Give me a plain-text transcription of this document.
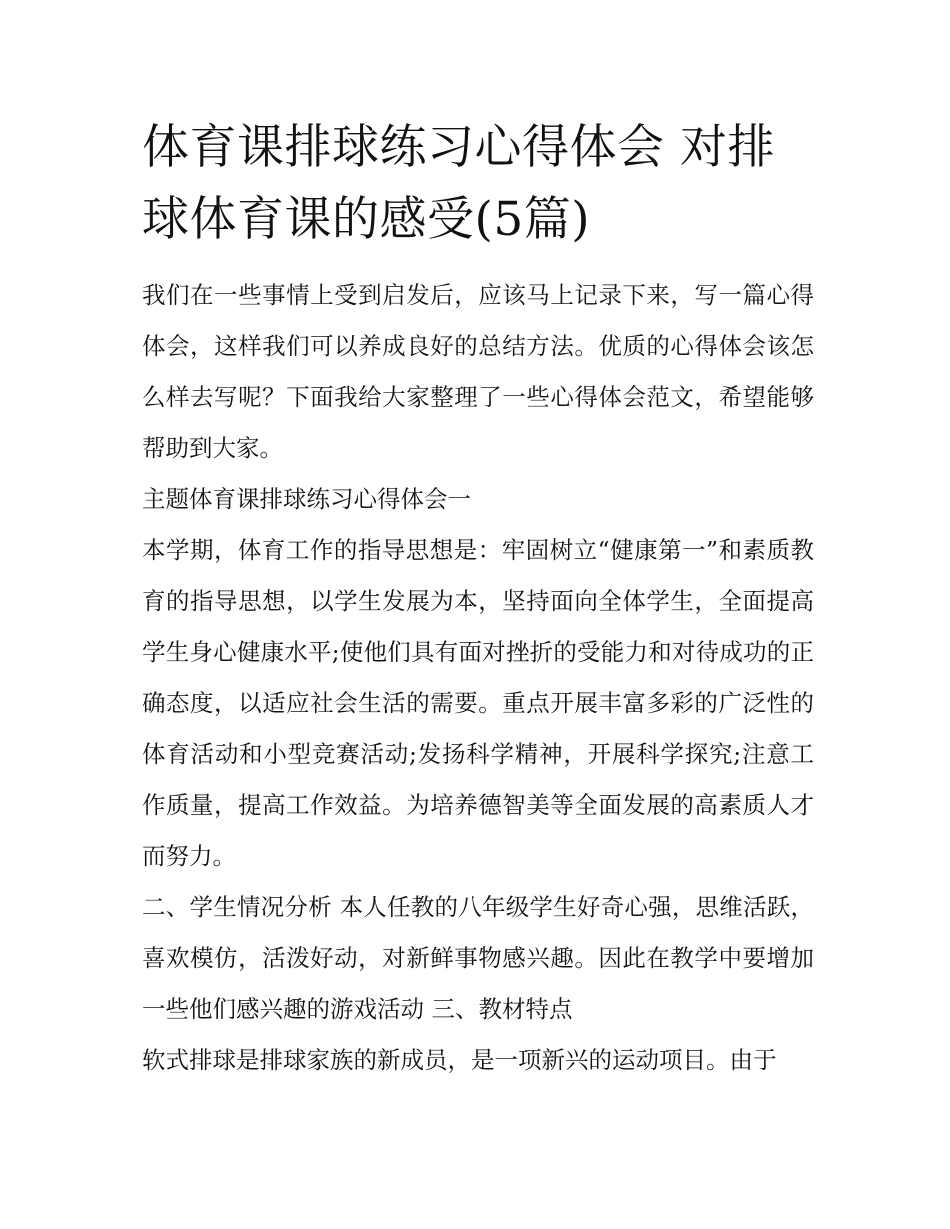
体育课排球练习心得体会 对排球体育课的感受(5篇)

我们在一些事情上受到启发后，应该马上记录下来，写一篇心得体会，这样我们可以养成良好的总结方法。优质的心得体会该怎么样去写呢？下面我给大家整理了一些心得体会范文，希望能够帮助到大家。

主题体育课排球练习心得体会一

本学期，体育工作的指导思想是：牢固树立“健康第一”和素质教育的指导思想，以学生发展为本，坚持面向全体学生，全面提高学生身心健康水平;使他们具有面对挫折的受能力和对待成功的正确态度，以适应社会生活的需要。重点开展丰富多彩的广泛性的体育活动和小型竞赛活动;发扬科学精神，开展科学探究;注意工作质量，提高工作效益。为培养德智美等全面发展的高素质人才而努力。

二、学生情况分析 本人任教的八年级学生好奇心强，思维活跃，喜欢模仿，活泼好动，对新鲜事物感兴趣。因此在教学中要增加一些他们感兴趣的游戏活动 三、教材特点

软式排球是排球家族的新成员，是一项新兴的运动项目。由于
